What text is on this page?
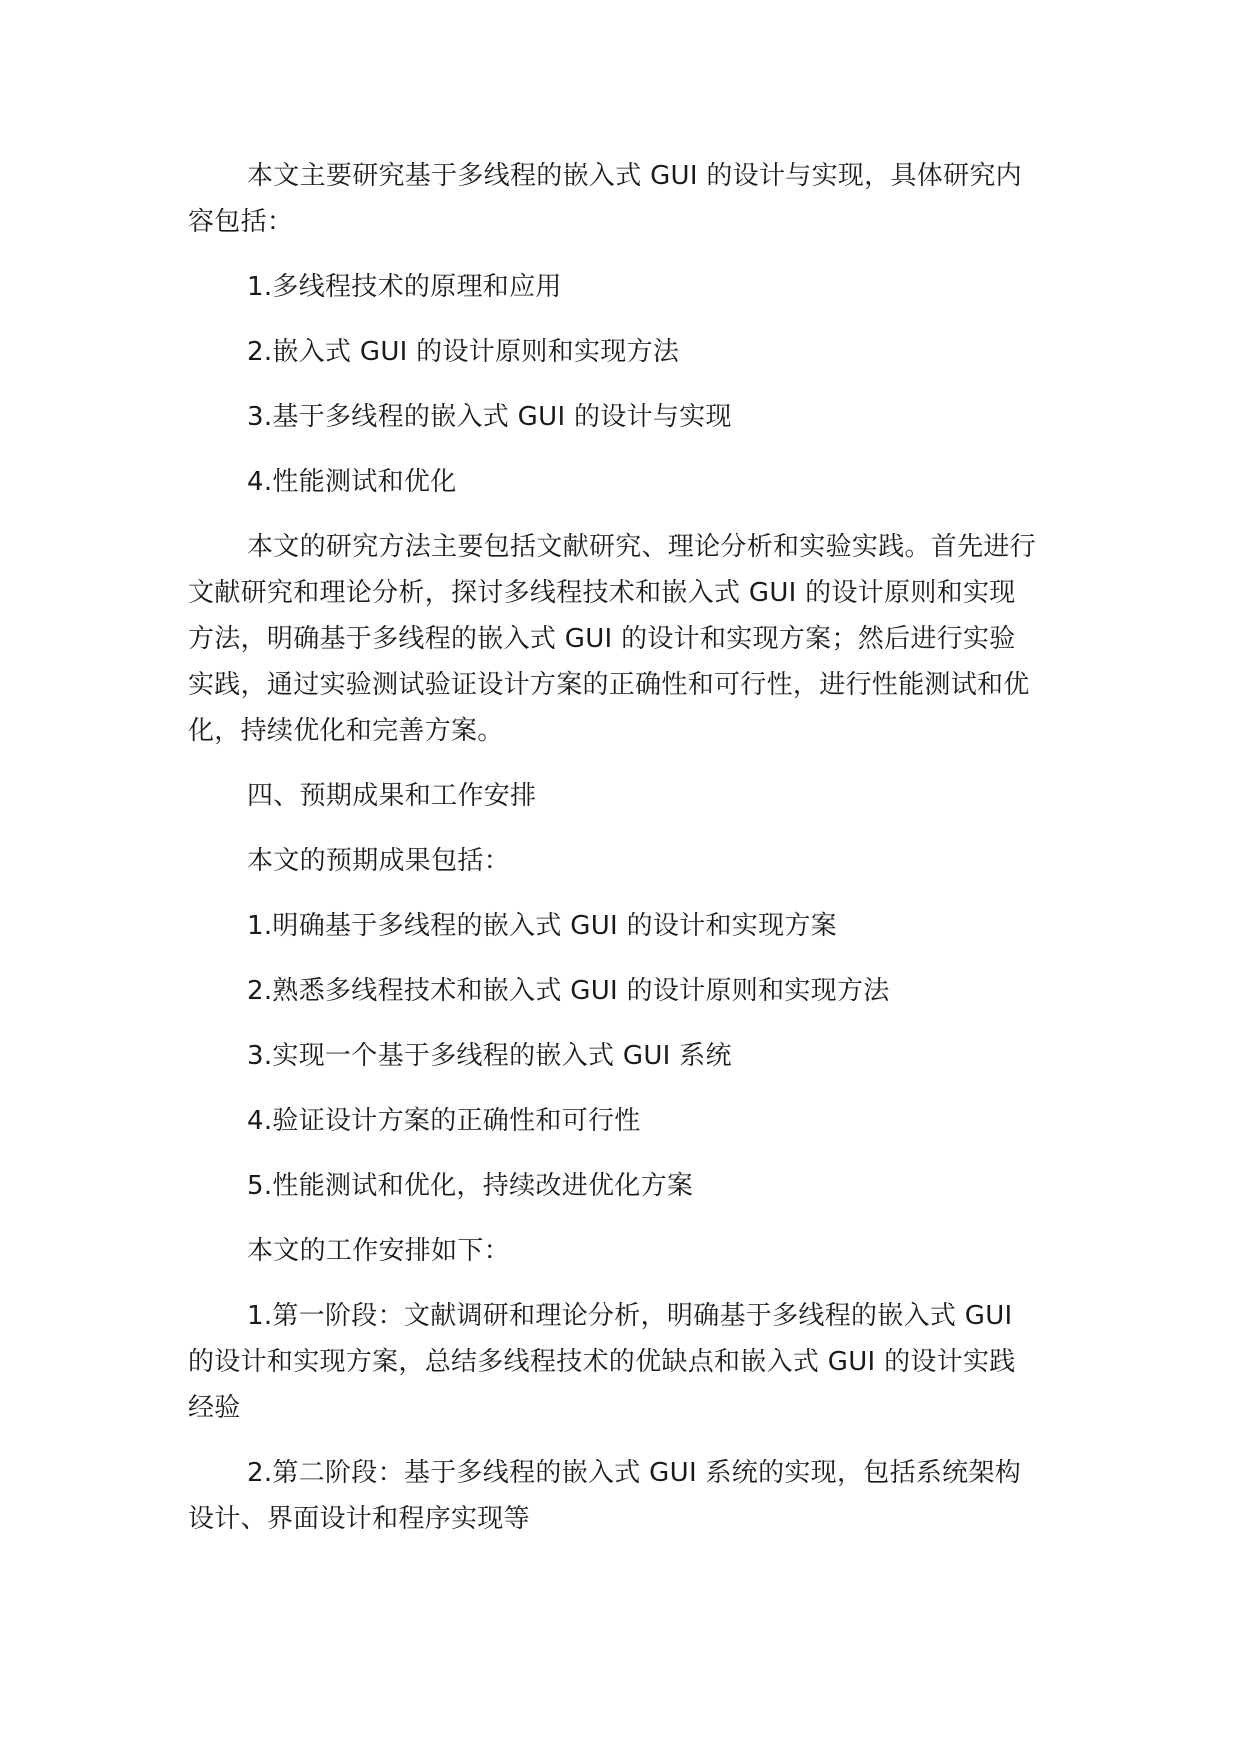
本文主要研究基于多线程的嵌入式 GUI 的设计与实现，具体研究内容包括：

1.多线程技术的原理和应用

2.嵌入式 GUI 的设计原则和实现方法

3.基于多线程的嵌入式 GUI 的设计与实现

4.性能测试和优化

本文的研究方法主要包括文献研究、理论分析和实验实践。首先进行文献研究和理论分析，探讨多线程技术和嵌入式 GUI 的设计原则和实现方法，明确基于多线程的嵌入式 GUI 的设计和实现方案；然后进行实验实践，通过实验测试验证设计方案的正确性和可行性，进行性能测试和优化，持续优化和完善方案。

四、预期成果和工作安排

本文的预期成果包括：

1.明确基于多线程的嵌入式 GUI 的设计和实现方案

2.熟悉多线程技术和嵌入式 GUI 的设计原则和实现方法

3.实现一个基于多线程的嵌入式 GUI 系统

4.验证设计方案的正确性和可行性

5.性能测试和优化，持续改进优化方案

本文的工作安排如下：

1.第一阶段：文献调研和理论分析，明确基于多线程的嵌入式 GUI 的设计和实现方案，总结多线程技术的优缺点和嵌入式 GUI 的设计实践经验

2.第二阶段：基于多线程的嵌入式 GUI 系统的实现，包括系统架构设计、界面设计和程序实现等
